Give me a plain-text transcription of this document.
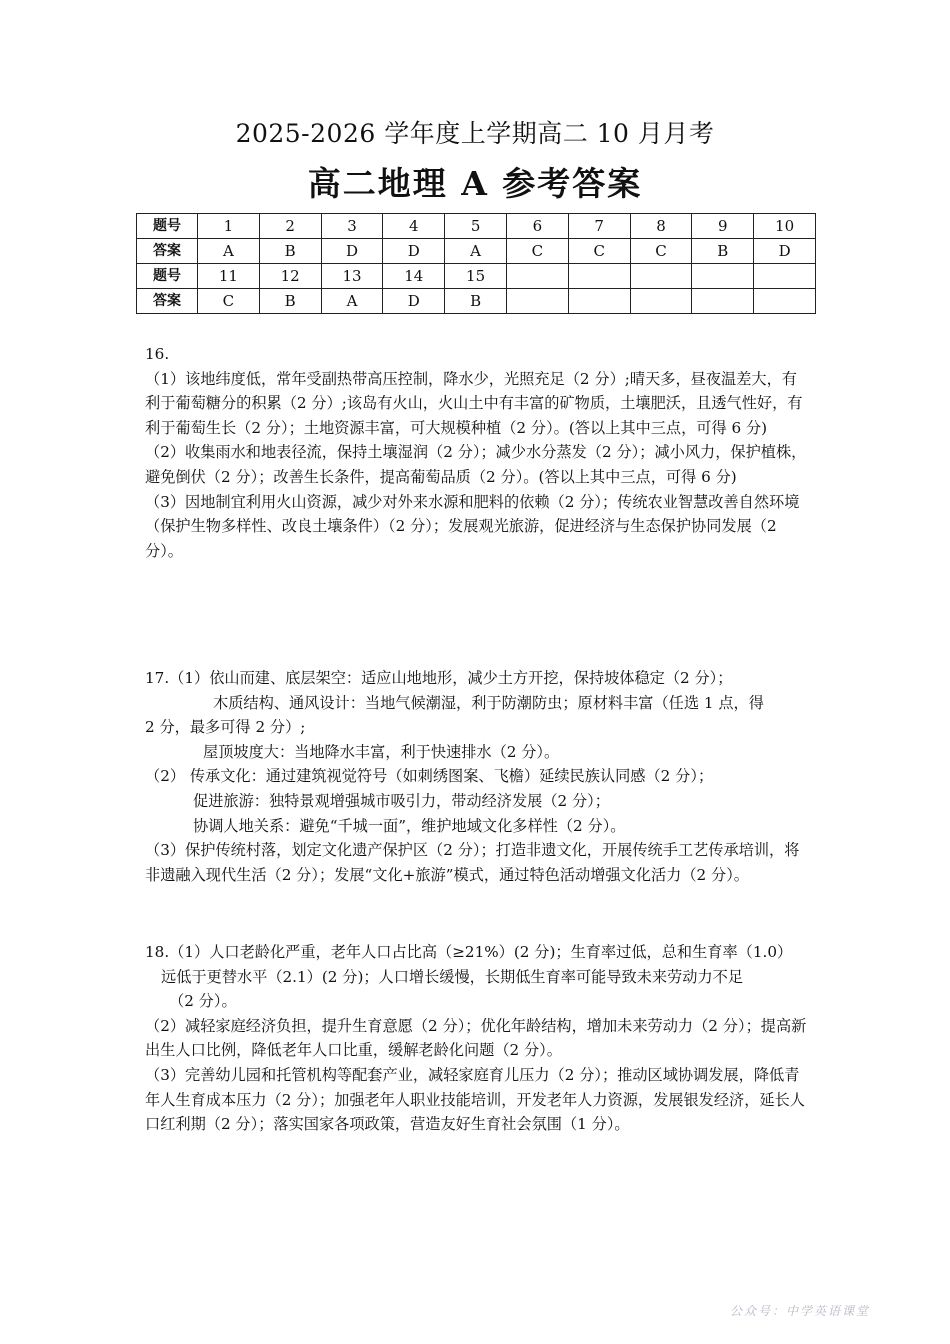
2025-2026 学年度上学期高二 10 月月考
高二地理 A 参考答案
题号	1	2	3	4	5	6	7	8	9	10
答案	A	B	D	D	A	C	C	C	B	D
题号	11	12	13	14	15					
答案	C	B	A	D	B					

16.

（1）该地纬度低，常年受副热带高压控制，降水少，光照充足（2 分）;晴天多，昼夜温差大，有利于葡萄糖分的积累（2 分）;该岛有火山，火山土中有丰富的矿物质，土壤肥沃，且透气性好，有利于葡萄生长（2 分）；土地资源丰富，可大规模种植（2 分）。(答以上其中三点，可得 6 分)

（2）收集雨水和地表径流，保持土壤湿润（2 分）；减少水分蒸发（2 分）；减小风力，保护植株，避免倒伏（2 分）；改善生长条件，提高葡萄品质（2 分）。(答以上其中三点，可得 6 分)

（3）因地制宜利用火山资源，减少对外来水源和肥料的依赖（2 分）；传统农业智慧改善自然环境（保护生物多样性、改良土壤条件）（2 分）；发展观光旅游，促进经济与生态保护协同发展（2 分）。

17.（1）依山而建、底层架空：适应山地地形，减少土方开挖，保持坡体稳定（2 分）；

木质结构、通风设计：当地气候潮湿，利于防潮防虫；原材料丰富（任选 1 点，得

2 分，最多可得 2 分）;

屋顶坡度大：当地降水丰富，利于快速排水（2 分）。

（2） 传承文化：通过建筑视觉符号（如刺绣图案、飞檐）延续民族认同感（2 分）；

促进旅游：独特景观增强城市吸引力，带动经济发展（2 分）；

协调人地关系：避免“千城一面”，维护地域文化多样性（2 分）。

（3）保护传统村落，划定文化遗产保护区（2 分）；打造非遗文化，开展传统手工艺传承培训，将非遗融入现代生活（2 分）；发展“文化+旅游”模式，通过特色活动增强文化活力（2 分）。

18.（1）人口老龄化严重，老年人口占比高（≥21%）(2 分)；生育率过低，总和生育率（1.0）

远低于更替水平（2.1）(2 分)；人口增长缓慢，长期低生育率可能导致未来劳动力不足

（2 分）。

（2）减轻家庭经济负担，提升生育意愿（2 分）；优化年龄结构，增加未来劳动力（2 分）；提高新出生人口比例，降低老年人口比重，缓解老龄化问题（2 分）。

（3）完善幼儿园和托管机构等配套产业，减轻家庭育儿压力（2 分）；推动区域协调发展，降低青年人生育成本压力（2 分）；加强老年人职业技能培训，开发老年人力资源，发展银发经济，延长人口红利期（2 分）；落实国家各项政策，营造友好生育社会氛围（1 分）。

公众号：中学英语课堂
